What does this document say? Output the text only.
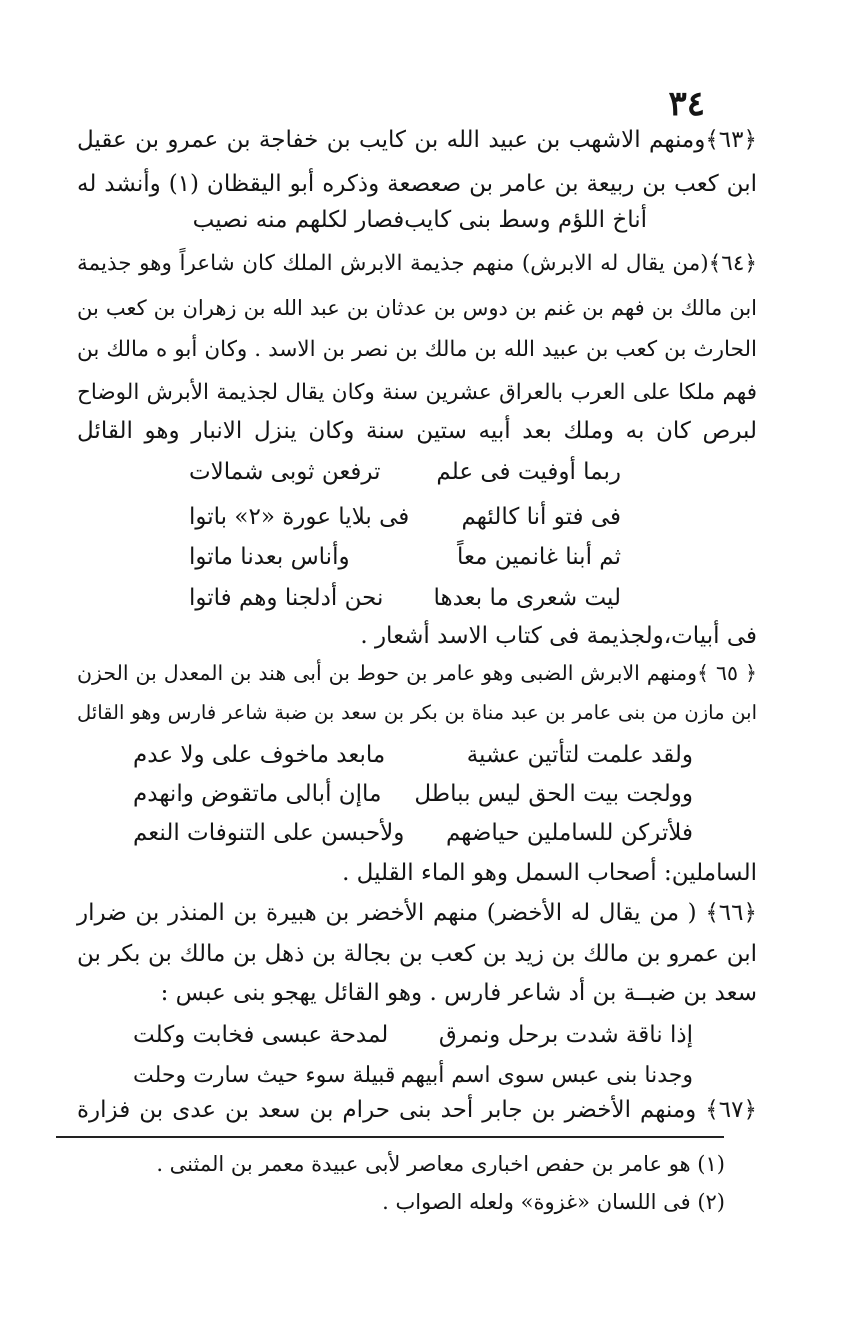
٣٤
﴿٦٣﴾ومنهم الاشهب بن عبيد الله بن كايب بن خفاجة بن عمرو بن عقيل
ابن كعب بن ربيعة بن عامر بن صعصعة وذكره أبو اليقظان (١) وأنشد له
أناخ اللؤم وسط بنى كايب
فصار لكلهم منه نصيب
﴿٦٤﴾(من يقال له الابرش) منهم جذيمة الابرش الملك كان شاعراً وهو جذيمة
ابن مالك بن فهم بن غنم بن دوس بن عدثان بن عبد الله بن زهران بن كعب بن
الحارث بن كعب بن عبيد الله بن مالك بن نصر بن الاسد . وكان أبو ه مالك بن
فهم ملكا على العرب بالعراق عشرين سنة وكان يقال لجذيمة الأبرش الوضاح
لبرص كان به وملك بعد أبيه ستين سنة وكان ينزل الانبار وهو القائل
ربما أوفيت فى علم
ترفعن ثوبى شمالات
فى فتو أنا كالئهم
فى بلايا عورة «٢» باتوا
ثم أبنا غانمين معاً
وأناس بعدنا ماتوا
ليت شعرى ما بعدها
نحن أدلجنا وهم فاتوا
فى أبيات،ولجذيمة فى كتاب الاسد أشعار .
﴿ ٦٥ ﴾ومنهم الابرش الضبى وهو عامر بن حوط بن أبى هند بن المعدل بن الحزن
ابن مازن من بنى عامر بن عبد مناة بن بكر بن سعد بن ضبة شاعر فارس وهو القائل
ولقد علمت لتأتين عشية
مابعد ماخوف على ولا عدم
وولجت بيت الحق ليس بباطل
ماإن أبالى ماتقوض وانهدم
فلأتركن للساملين حياضهم
ولأحبسن على التنوفات النعم
الساملين: أصحاب السمل وهو الماء القليل .
﴿٦٦﴾ ( من يقال له الأخضر) منهم الأخضر بن هبيرة بن المنذر بن ضرار
ابن عمرو بن مالك بن زيد بن كعب بن بجالة بن ذهل بن مالك بن بكر بن
سعد بن ضبــة بن أد شاعر فارس . وهو القائل يهجو بنى عبس :
إذا ناقة شدت برحل ونمرق
لمدحة عبسى فخابت وكلت
وجدنا بنى عبس سوى اسم أبيهم
قبيلة سوء حيث سارت وحلت
﴿٦٧﴾ ومنهم الأخضر بن جابر أحد بنى حرام بن سعد بن عدى بن فزارة
(١) هو عامر بن حفص اخبارى معاصر لأبى عبيدة معمر بن المثنى .
(٢) فى اللسان «غزوة» ولعله الصواب .
